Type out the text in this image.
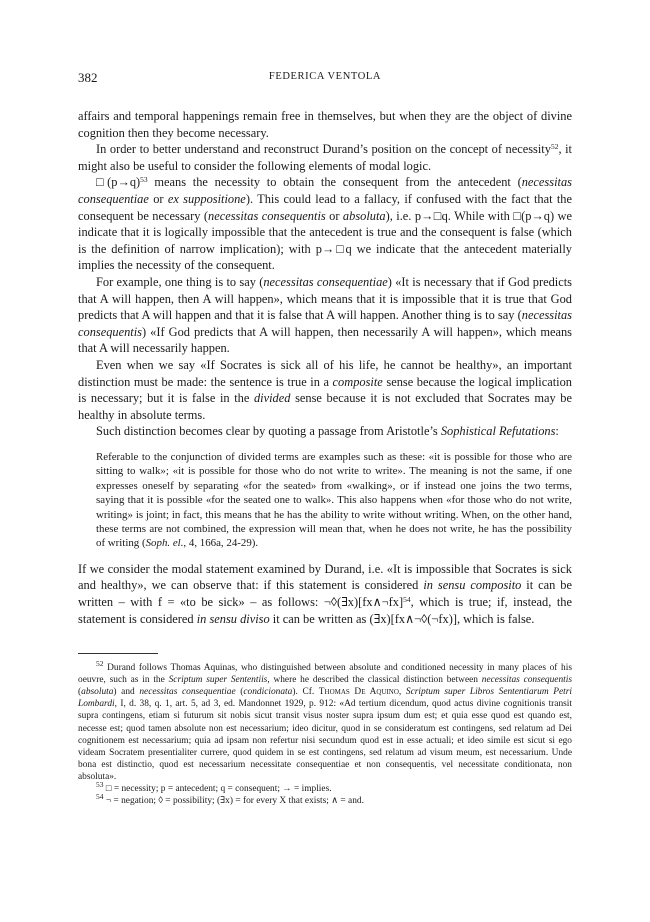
382	FEDERICA VENTOLA

affairs and temporal happenings remain free in themselves, but when they are the object of divine cognition then they become necessary.

In order to better understand and reconstruct Durand’s position on the concept of necessity$^{52}$, it might also be useful to consider the following elements of modal logic.

$□(p\to q)^{53}$ means the necessity to obtain the consequent from the antecedent (necessitas consequentiae or ex suppositione). This could lead to a fallacy, if confused with the fact that the consequent be necessary (necessitas consequentis or absoluta), i.e. p→□q. While with □(p→q) we indicate that it is logically impossible that the antecedent is true and the consequent is false (which is the definition of narrow implication); with p→□q we indicate that the antecedent materially implies the necessity of the consequent.

For example, one thing is to say (necessitas consequentiae) «It is necessary that if God predicts that A will happen, then A will happen», which means that it is impossible that it is true that God predicts that A will happen and that it is false that A will happen. Another thing is to say (necessitas consequentis) «If God predicts that A will happen, then necessarily A will happen», which means that A will necessarily happen.

Even when we say «If Socrates is sick all of his life, he cannot be healthy», an important distinction must be made: the sentence is true in a composite sense because the logical implication is necessary; but it is false in the divided sense because it is not excluded that Socrates may be healthy in absolute terms.

Such distinction becomes clear by quoting a passage from Aristotle’s Sophistical Refutations:

Referable to the conjunction of divided terms are examples such as these: «it is possible for those who are sitting to walk»; «it is possible for those who do not write to write». The meaning is not the same, if one expresses oneself by separating «for the seated» from «walking», or if instead one joins the two terms, saying that it is possible «for the seated one to walk». This also happens when «for those who do not write, writing» is joint; in fact, this means that he has the ability to write without writing. When, on the other hand, these terms are not combined, the expression will mean that, when he does not write, he has the possibility of writing (Soph. el., 4, 166a, 24-29).

If we consider the modal statement examined by Durand, i.e. «It is impossible that Socrates is sick and healthy», we can observe that: if this statement is considered in sensu composito it can be written – with f = «to be sick» – as follows: ¬◊(∃x)[fx∧¬fx]$^{54}$, which is true; if, instead, the statement is considered in sensu diviso it can be written as (∃x)[fx∧¬◊(¬fx)], which is false.

$^{52}$ Durand follows Thomas Aquinas, who distinguished between absolute and conditioned necessity in many places of his oeuvre, such as in the Scriptum super Sententiis, where he described the classical distinction between necessitas consequentis (absoluta) and necessitas consequentiae (condicionata). Cf. Thomas De Aquino, Scriptum super Libros Sententiarum Petri Lombardi, I, d. 38, q. 1, art. 5, ad 3, ed. Mandonnet 1929, p. 912: «Ad tertium dicendum, quod actus divine cognitionis transit supra contingens, etiam si futurum sit nobis sicut transit visus noster supra ipsum dum est; et quia esse quod est quando est, necesse est; quod tamen absolute non est necessarium; ideo dicitur, quod in se consideratum est contingens, sed relatum ad Dei cognitionem est necessarium; quia ad ipsam non refertur nisi secundum quod est in esse actuali; et ideo simile est sicut si ego videam Socratem presentialiter currere, quod quidem in se est contingens, sed relatum ad visum meum, est necessarium. Unde bona est distinctio, quod est necessarium necessitate consequentiae et non consequentis, vel necessitate conditionata, non absoluta».

$^{53}$ □ = necessity; p = antecedent; q = consequent; → = implies.

$^{54}$ ¬ = negation; ◊ = possibility; (∃x) = for every X that exists; ∧ = and.
